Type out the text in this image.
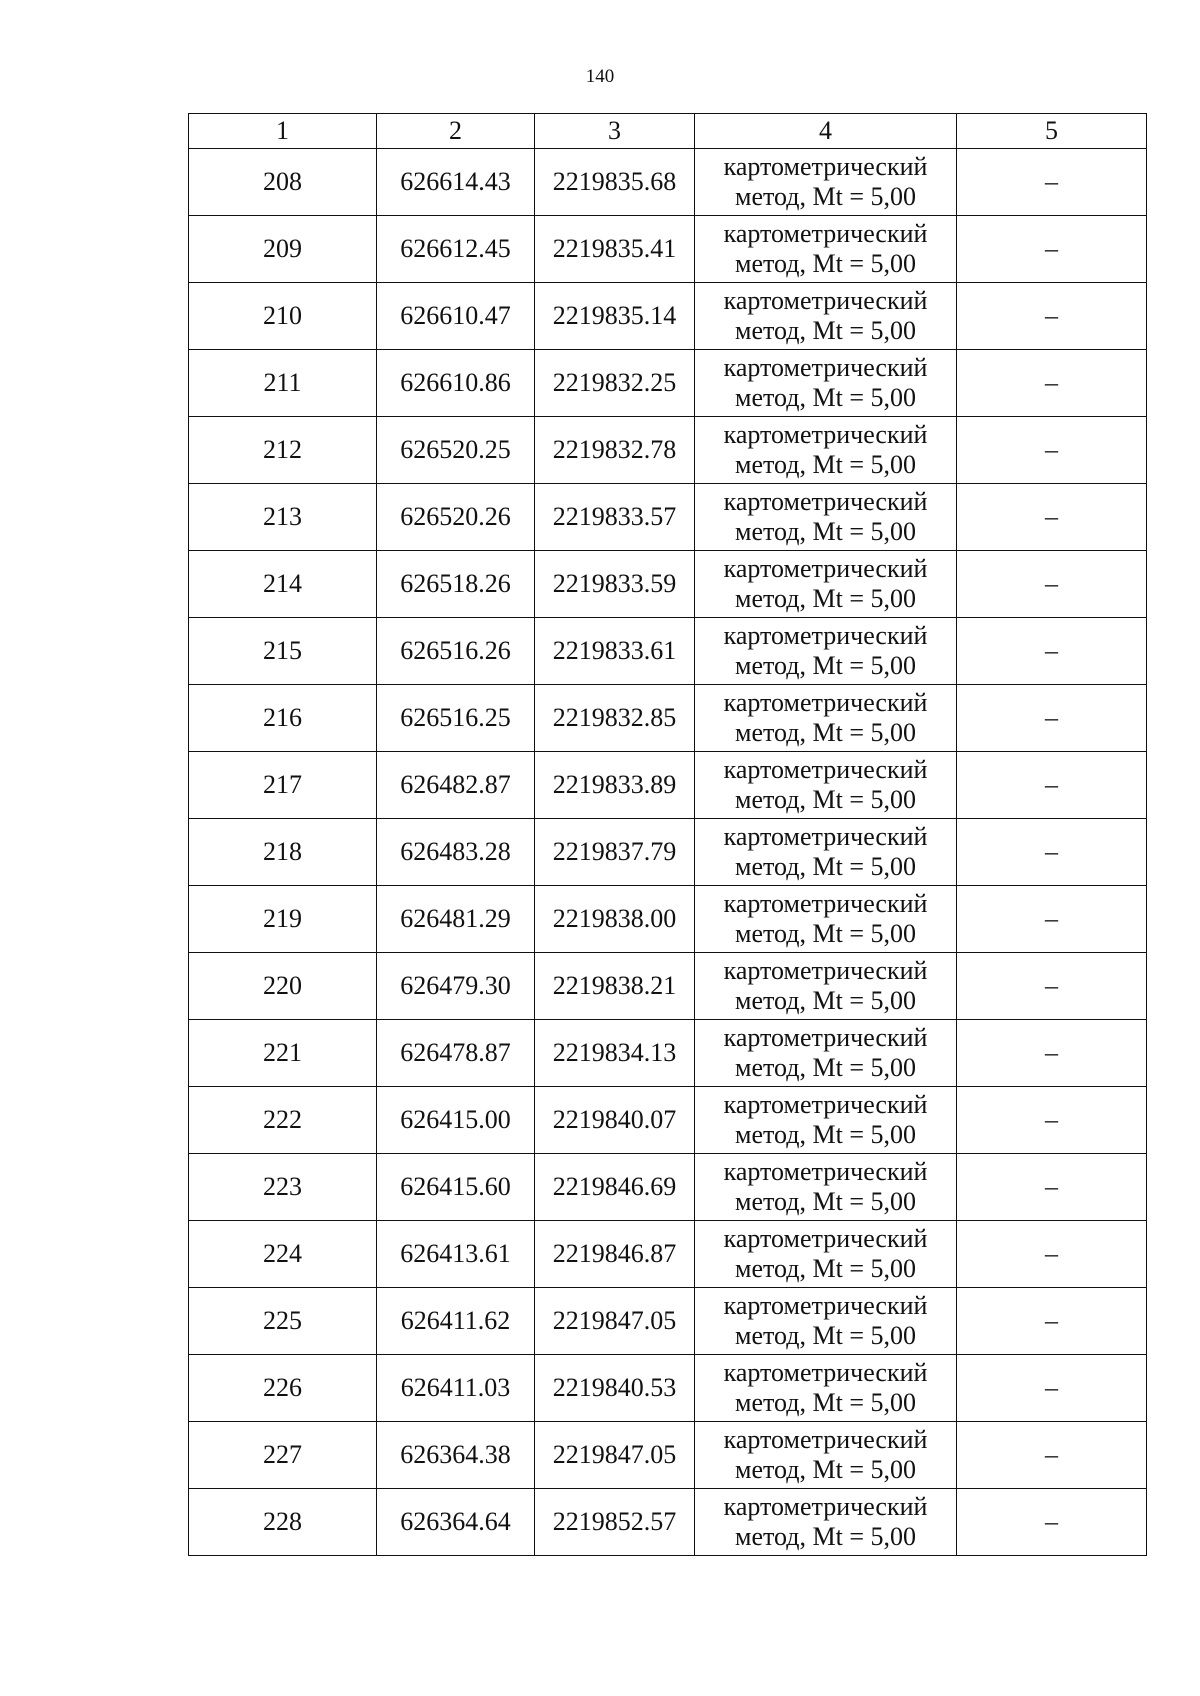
140
1	2	3	4	5
208	626614.43	2219835.68	картометрический
метод, Mt = 5,00	–
209	626612.45	2219835.41	картометрический
метод, Mt = 5,00	–
210	626610.47	2219835.14	картометрический
метод, Mt = 5,00	–
211	626610.86	2219832.25	картометрический
метод, Mt = 5,00	–
212	626520.25	2219832.78	картометрический
метод, Mt = 5,00	–
213	626520.26	2219833.57	картометрический
метод, Mt = 5,00	–
214	626518.26	2219833.59	картометрический
метод, Mt = 5,00	–
215	626516.26	2219833.61	картометрический
метод, Mt = 5,00	–
216	626516.25	2219832.85	картометрический
метод, Mt = 5,00	–
217	626482.87	2219833.89	картометрический
метод, Mt = 5,00	–
218	626483.28	2219837.79	картометрический
метод, Mt = 5,00	–
219	626481.29	2219838.00	картометрический
метод, Mt = 5,00	–
220	626479.30	2219838.21	картометрический
метод, Mt = 5,00	–
221	626478.87	2219834.13	картометрический
метод, Mt = 5,00	–
222	626415.00	2219840.07	картометрический
метод, Mt = 5,00	–
223	626415.60	2219846.69	картометрический
метод, Mt = 5,00	–
224	626413.61	2219846.87	картометрический
метод, Mt = 5,00	–
225	626411.62	2219847.05	картометрический
метод, Mt = 5,00	–
226	626411.03	2219840.53	картометрический
метод, Mt = 5,00	–
227	626364.38	2219847.05	картометрический
метод, Mt = 5,00	–
228	626364.64	2219852.57	картометрический
метод, Mt = 5,00	–
